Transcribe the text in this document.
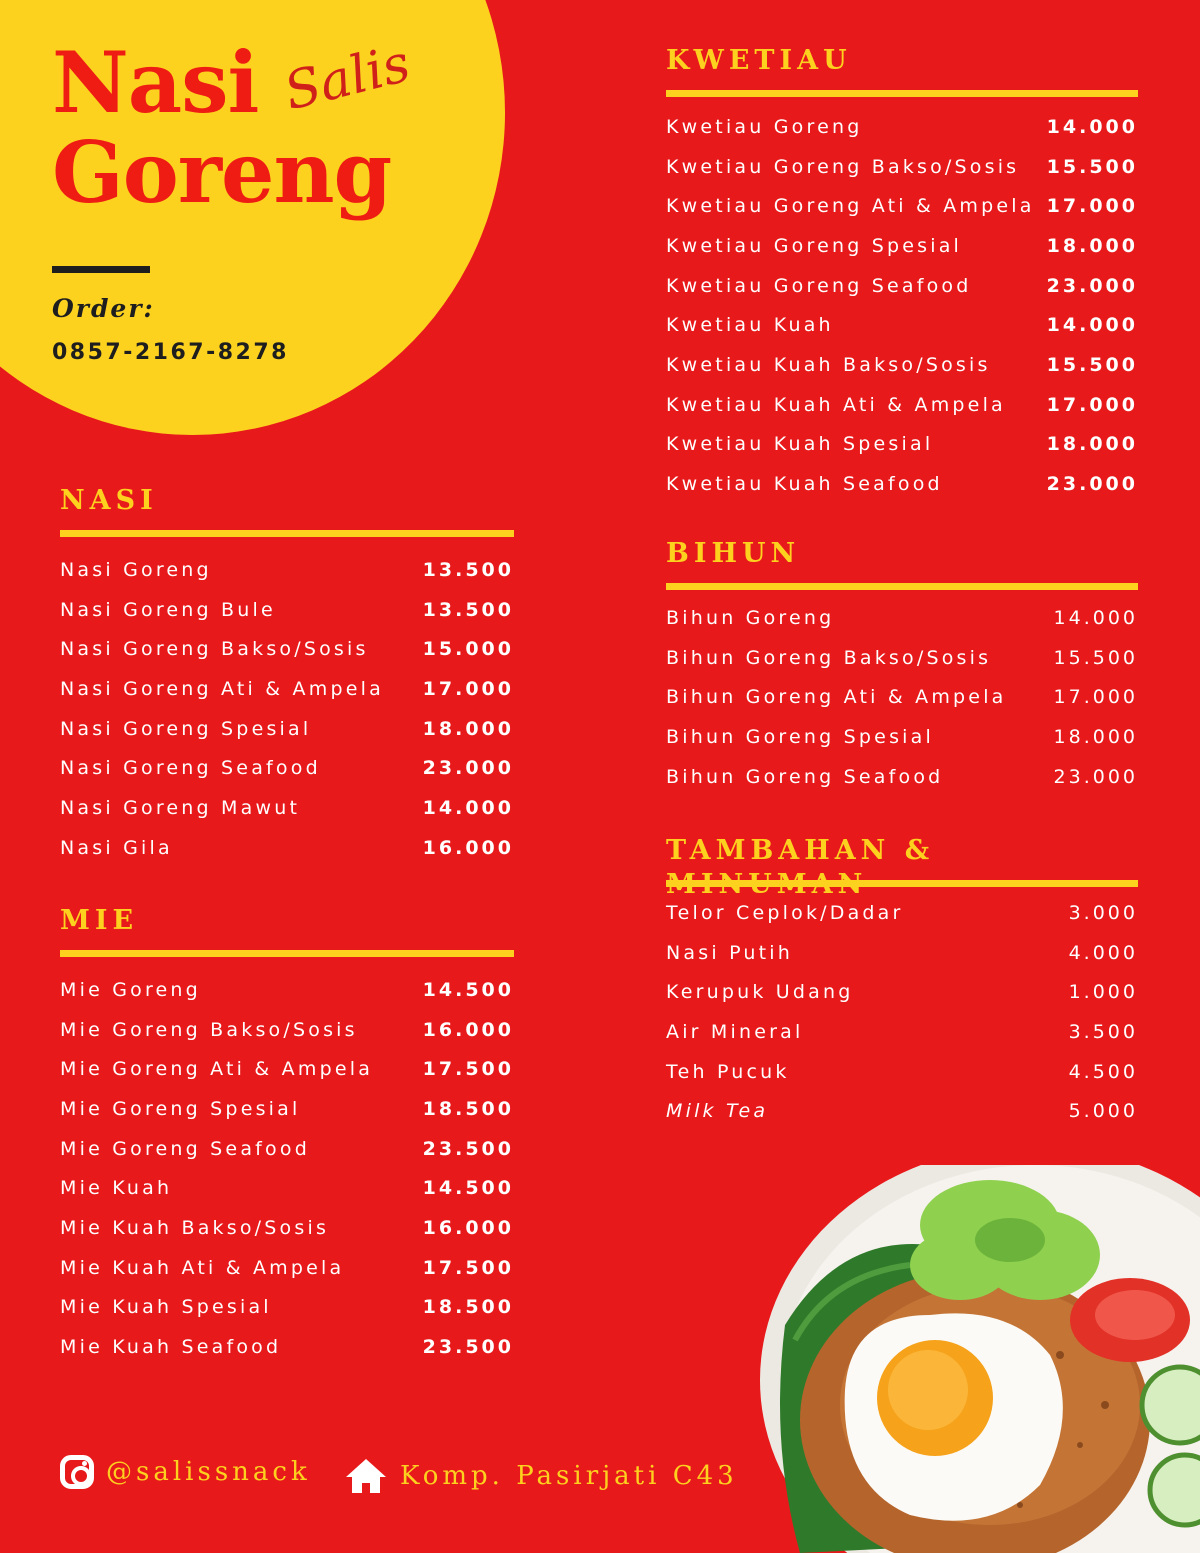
Nasi
Goreng
Salis
Order:
0857-2167-8278
NASI
Nasi Goreng	13.500
Nasi Goreng Bule	13.500
Nasi Goreng Bakso/Sosis	15.000
Nasi Goreng Ati & Ampela 17.000
Nasi Goreng Spesial	18.000
Nasi Goreng Seafood	23.000
Nasi Goreng Mawut	14.000
Nasi Gila	16.000
MIE
Mie Goreng	14.500
Mie Goreng Bakso/Sosis	16.000
Mie Goreng Ati & Ampela	17.500
Mie Goreng Spesial	18.500
Mie Goreng Seafood	23.500
Mie Kuah	14.500
Mie Kuah Bakso/Sosis	16.000
Mie Kuah Ati & Ampela	17.500
Mie Kuah Spesial	18.500
Mie Kuah Seafood	23.500
KWETIAU
Kwetiau Goreng	14.000
Kwetiau Goreng Bakso/Sosis 15.500
Kwetiau Goreng Ati & Ampela 17.000
Kwetiau Goreng Spesial	18.000
Kwetiau Goreng Seafood	23.000
Kwetiau Kuah	14.000
Kwetiau Kuah Bakso/Sosis	15.500
Kwetiau Kuah Ati & Ampela 17.000
Kwetiau Kuah Spesial	18.000
Kwetiau Kuah Seafood	23.000
BIHUN
Bihun Goreng	14.000
Bihun Goreng Bakso/Sosis	15.500
Bihun Goreng Ati & Ampela 17.000
Bihun Goreng Spesial	18.000
Bihun Goreng Seafood	23.000
TAMBAHAN & MINUMAN
Telor Ceplok/Dadar	3.000
Nasi Putih	4.000
Kerupuk Udang	1.000
Air Mineral	3.500
Teh Pucuk	4.500
Milk Tea	5.000
@salissnack	Komp. Pasirjati C43
